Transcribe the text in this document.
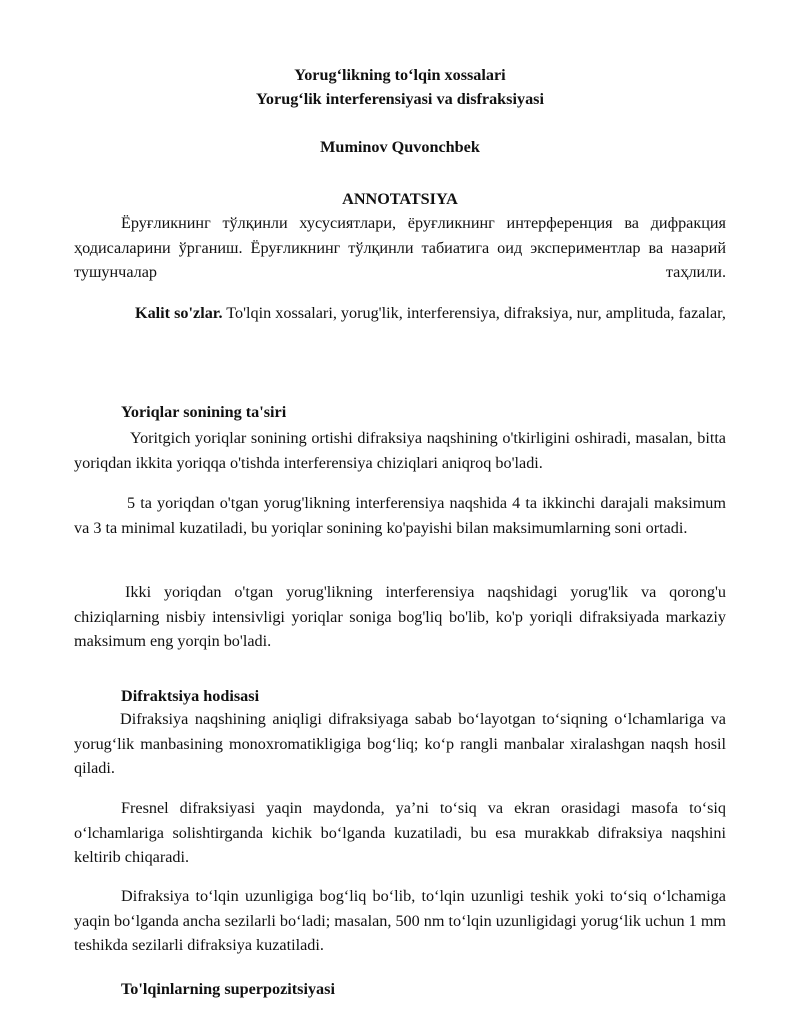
Yorug‘likning to‘lqin xossalari
Yorug‘lik interferensiyasi va disfraksiyasi
Muminov Quvonchbek
ANNOTATSIYA

Ёруғликнинг тўлқинли хусусиятлари, ёруғликнинг интерференция ва дифракция ҳодисаларини ўрганиш. Ёруғликнинг тўлқинли табиатига оид экспериментлар ва назарий тушунчалар таҳлили.

Kalit so'zlar. To'lqin xossalari, yorug'lik, interferensiya, difraksiya, nur, amplituda, fazalar,

Yoriqlar sonining ta'siri

Yoritgich yoriqlar sonining ortishi difraksiya naqshining o'tkirligini oshiradi, masalan, bitta yoriqdan ikkita yoriqqa o'tishda interferensiya chiziqlari aniqroq bo'ladi.

5 ta yoriqdan o'tgan yorug'likning interferensiya naqshida 4 ta ikkinchi darajali maksimum va 3 ta minimal kuzatiladi, bu yoriqlar sonining ko'payishi bilan maksimumlarning soni ortadi.

Ikki yoriqdan o'tgan yorug'likning interferensiya naqshidagi yorug'lik va qorong'u chiziqlarning nisbiy intensivligi yoriqlar soniga bog'liq bo'lib, ko'p yoriqli difraksiyada markaziy maksimum eng yorqin bo'ladi.

Difraktsiya hodisasi

Difraksiya naqshining aniqligi difraksiyaga sabab bo‘layotgan to‘siqning o‘lchamlariga va yorug‘lik manbasining monoxromatikligiga bog‘liq; ko‘p rangli manbalar xiralashgan naqsh hosil qiladi.

Fresnel difraksiyasi yaqin maydonda, ya’ni to‘siq va ekran orasidagi masofa to‘siq o‘lchamlariga solishtirganda kichik bo‘lganda kuzatiladi, bu esa murakkab difraksiya naqshini keltirib chiqaradi.

Difraksiya to‘lqin uzunligiga bog‘liq bo‘lib, to‘lqin uzunligi teshik yoki to‘siq o‘lchamiga yaqin bo‘lganda ancha sezilarli bo‘ladi; masalan, 500 nm to‘lqin uzunligidagi yorug‘lik uchun 1 mm teshikda sezilarli difraksiya kuzatiladi.

To'lqinlarning superpozitsiyasi
